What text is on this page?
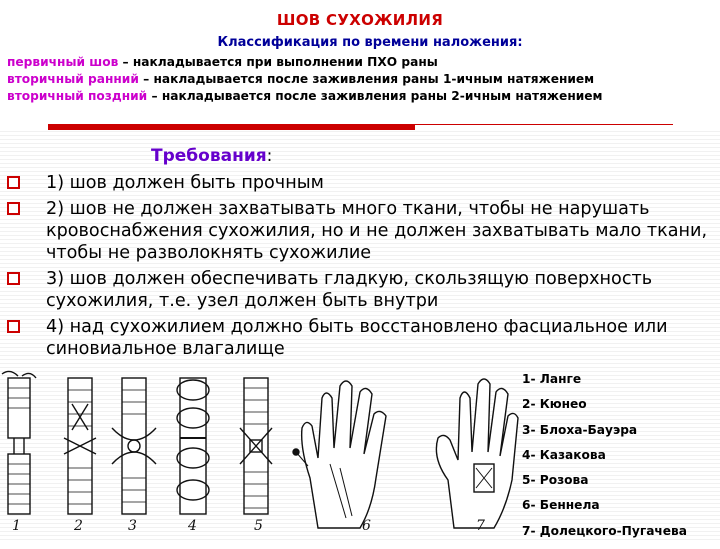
ШОВ СУХОЖИЛИЯ
Классификация по времени наложения:
первичный шов – накладывается при выполнении ПХО раны
вторичный ранний – накладывается после заживления раны 1-ичным натяжением
вторичный поздний – накладывается после заживления раны 2-ичным натяжением
Требования:
1) шов должен быть прочным
2) шов не должен захватывать много ткани, чтобы не нарушать кровоснабжения сухожилия, но и не должен захватывать мало ткани, чтобы не разволокнять сухожилие
3) шов должен обеспечивать гладкую, скользящую поверхность сухожилия, т.е. узел должен быть внутри
4) над сухожилием должно быть восстановлено фасциальное или синовиальное влагалище
1	2	3	4	5	6	7
1- Ланге
2- Кюнео
3- Блоха-Бауэра
4- Казакова
5- Розова
6- Беннела
7- Долецкого-Пугачева
